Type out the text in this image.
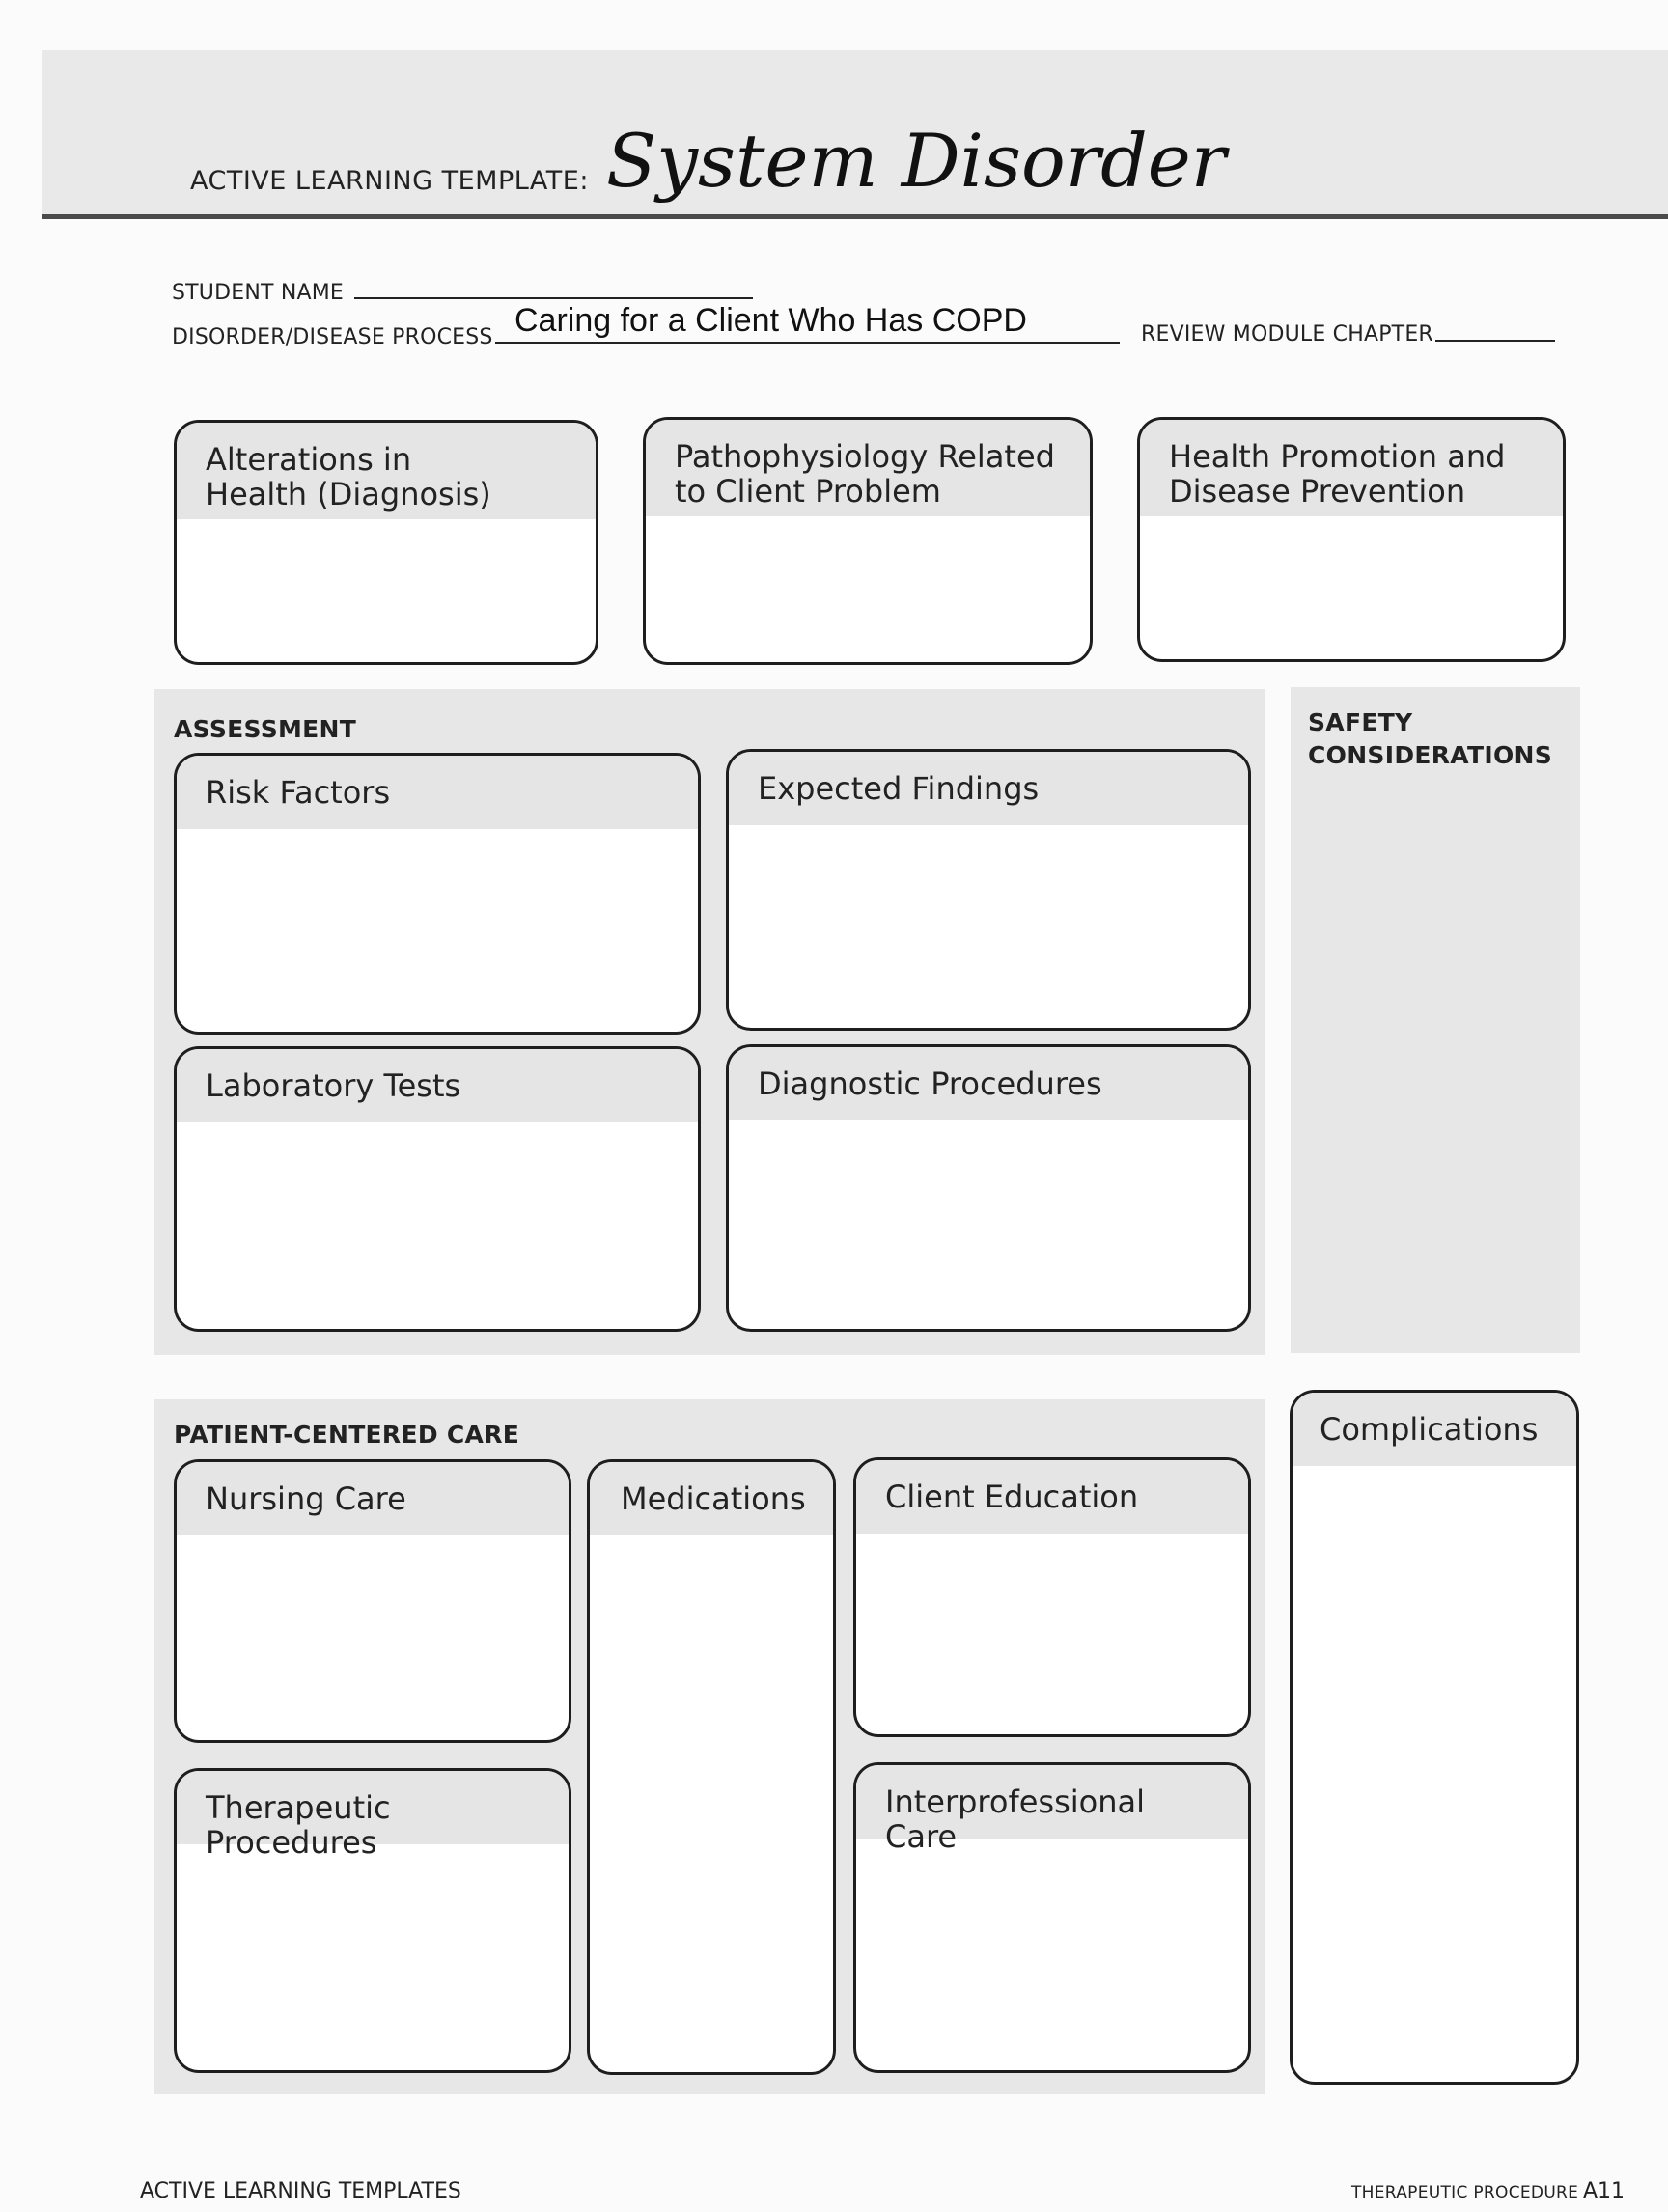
ACTIVE LEARNING TEMPLATE: System Disorder
STUDENT NAME
DISORDER/DISEASE PROCESS Caring for a Client Who Has COPD	REVIEW MODULE CHAPTER
Alterations in
Health (Diagnosis)
Pathophysiology Related
to Client Problem
Health Promotion and
Disease Prevention
ASSESSMENT
Risk Factors	Expected Findings
Laboratory Tests	Diagnostic Procedures
SAFETY
CONSIDERATIONS
PATIENT-CENTERED CARE
Nursing Care	Medications	Client Education
Therapeutic Procedures
Interprofessional Care
Complications
ACTIVE LEARNING TEMPLATES	THERAPEUTIC PROCEDURE A11
